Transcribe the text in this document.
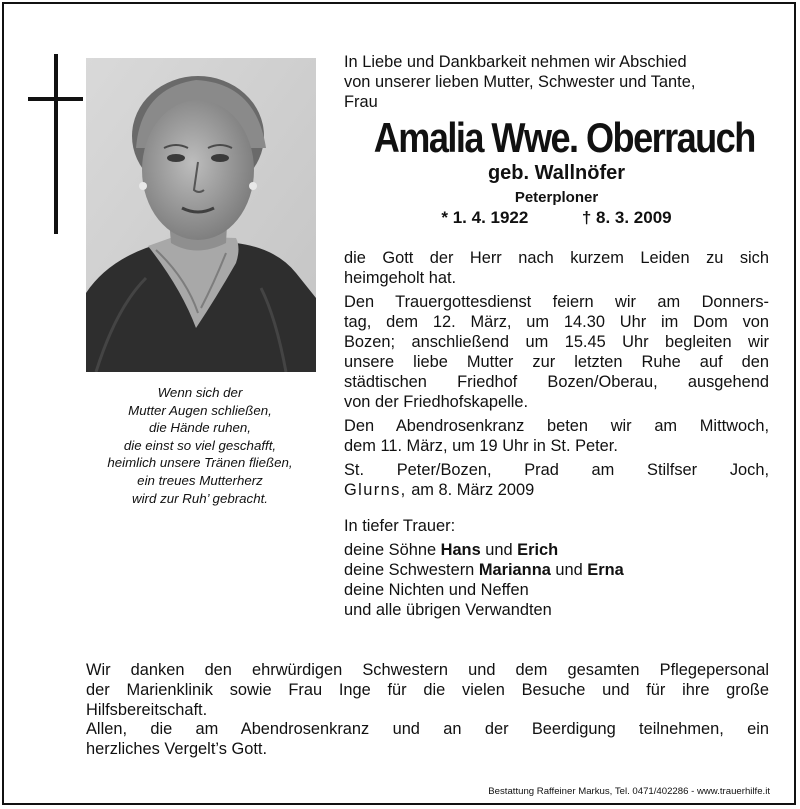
Wenn sich der
Mutter Augen schließen,
die Hände ruhen,
die einst so viel geschafft,
heimlich unsere Tränen fließen,
ein treues Mutterherz
wird zur Ruh’ gebracht.
In Liebe und Dankbarkeit nehmen wir Abschied
von unserer lieben Mutter, Schwester und Tante,
Frau
Amalia Wwe. Oberrauch
geb. Wallnöfer
Peterploner
* 1. 4. 1922	† 8. 3. 2009
die Gott der Herr nach kurzem Leiden zu sich
heimgeholt hat.
Den Trauergottesdienst feiern wir am Donners-
tag, dem 12. März, um 14.30 Uhr im Dom von
Bozen; anschließend um 15.45 Uhr begleiten wir
unsere liebe Mutter zur letzten Ruhe auf den
städtischen Friedhof Bozen/Oberau, ausgehend
von der Friedhofskapelle.
Den Abendrosenkranz beten wir am Mittwoch,
dem 11. März, um 19 Uhr in St. Peter.
St. Peter/Bozen, Prad am Stilfser Joch,
Glurns, am 8. März 2009
In tiefer Trauer:
deine Söhne Hans und Erich
deine Schwestern Marianna und Erna
deine Nichten und Neffen
und alle übrigen Verwandten
Wir danken den ehrwürdigen Schwestern und dem gesamten Pflegepersonal
der Marienklinik sowie Frau Inge für die vielen Besuche und für ihre große
Hilfsbereitschaft.
Allen, die am Abendrosenkranz und an der Beerdigung teilnehmen, ein
herzliches Vergelt’s Gott.
Bestattung Raffeiner Markus, Tel. 0471/402286 - www.trauerhilfe.it
